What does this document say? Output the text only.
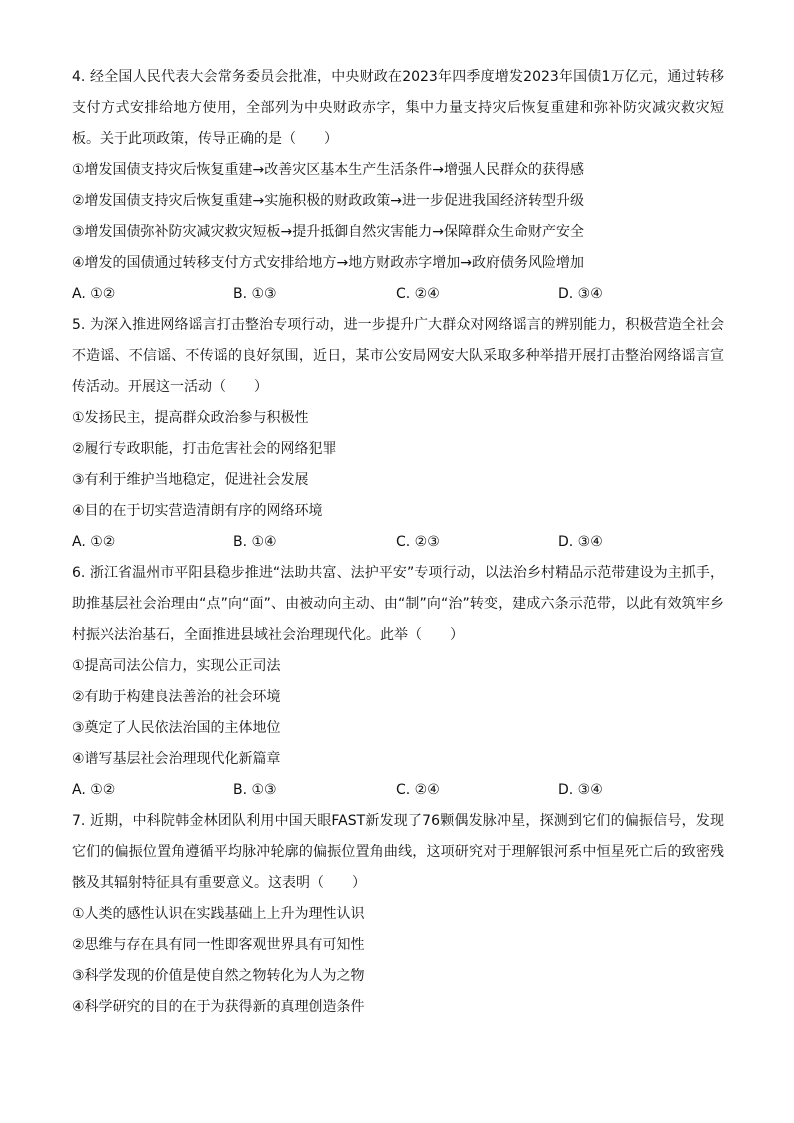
4. 经全国人民代表大会常务委员会批准，中央财政在2023年四季度增发2023年国债1万亿元，通过转移支付方式安排给地方使用，全部列为中央财政赤字，集中力量支持灾后恢复重建和弥补防灾减灾救灾短板。关于此项政策，传导正确的是（　　）

①增发国债支持灾后恢复重建→改善灾区基本生产生活条件→增强人民群众的获得感

②增发国债支持灾后恢复重建→实施积极的财政政策→进一步促进我国经济转型升级

③增发国债弥补防灾减灾救灾短板→提升抵御自然灾害能力→保障群众生命财产安全

④增发的国债通过转移支付方式安排给地方→地方财政赤字增加→政府债务风险增加

A. ①②	B. ①③	C. ②④	D. ③④

5. 为深入推进网络谣言打击整治专项行动，进一步提升广大群众对网络谣言的辨别能力，积极营造全社会不造谣、不信谣、不传谣的良好氛围，近日，某市公安局网安大队采取多种举措开展打击整治网络谣言宣传活动。开展这一活动（　　）

①发扬民主，提高群众政治参与积极性

②履行专政职能，打击危害社会的网络犯罪

③有利于维护当地稳定，促进社会发展

④目的在于切实营造清朗有序的网络环境

A. ①②	B. ①④	C. ②③	D. ③④

6. 浙江省温州市平阳县稳步推进“法助共富、法护平安”专项行动，以法治乡村精品示范带建设为主抓手，助推基层社会治理由“点”向“面”、由被动向主动、由“制”向“治”转变，建成六条示范带，以此有效筑牢乡村振兴法治基石，全面推进县域社会治理现代化。此举（　　）

①提高司法公信力，实现公正司法

②有助于构建良法善治的社会环境

③奠定了人民依法治国的主体地位

④谱写基层社会治理现代化新篇章

A. ①②	B. ①③	C. ②④	D. ③④

7. 近期，中科院韩金林团队利用中国天眼FAST新发现了76颗偶发脉冲星，探测到它们的偏振信号，发现它们的偏振位置角遵循平均脉冲轮廓的偏振位置角曲线，这项研究对于理解银河系中恒星死亡后的致密残骸及其辐射特征具有重要意义。这表明（　　）

①人类的感性认识在实践基础上上升为理性认识

②思维与存在具有同一性即客观世界具有可知性

③科学发现的价值是使自然之物转化为人为之物

④科学研究的目的在于为获得新的真理创造条件
